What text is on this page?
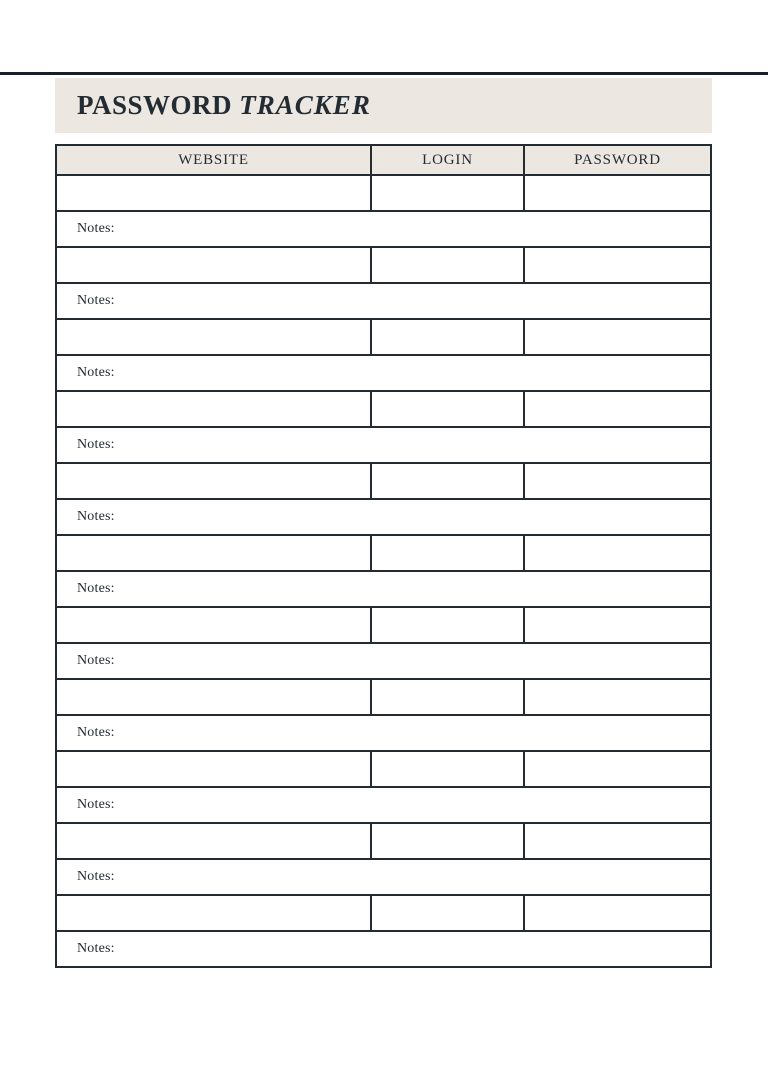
PASSWORD TRACKER
WEBSITE	LOGIN	PASSWORD

Notes:		

Notes:		

Notes:		

Notes:		

Notes:		

Notes:		

Notes:		

Notes:		

Notes:		

Notes:		

Notes:		
